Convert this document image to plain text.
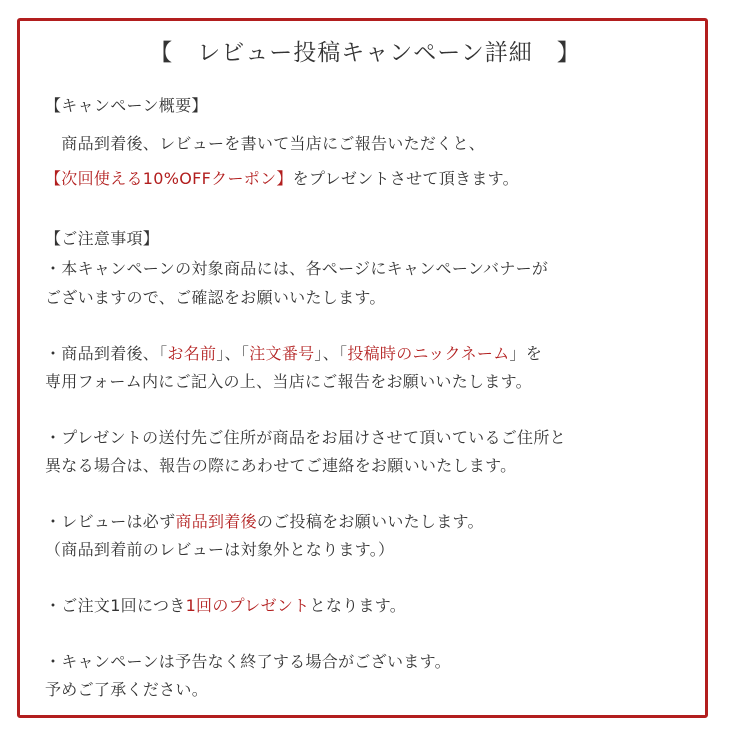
【　レビュー投稿キャンペーン詳細　】
【キャンペーン概要】
　商品到着後、レビューを書いて当店にご報告いただくと、
【次回使える10%OFFクーポン】をプレゼントさせて頂きます。
【ご注意事項】
・本キャンペーンの対象商品には、各ページにキャンペーンバナーが
ございますので、ご確認をお願いいたします。
・商品到着後、「お名前」、「注文番号」、「投稿時のニックネーム」を
専用フォーム内にご記入の上、当店にご報告をお願いいたします。
・プレゼントの送付先ご住所が商品をお届けさせて頂いているご住所と
異なる場合は、報告の際にあわせてご連絡をお願いいたします。
・レビューは必ず商品到着後のご投稿をお願いいたします。
（商品到着前のレビューは対象外となります。）
・ご注文1回につき1回のプレゼントとなります。
・キャンペーンは予告なく終了する場合がございます。
予めご了承ください。
